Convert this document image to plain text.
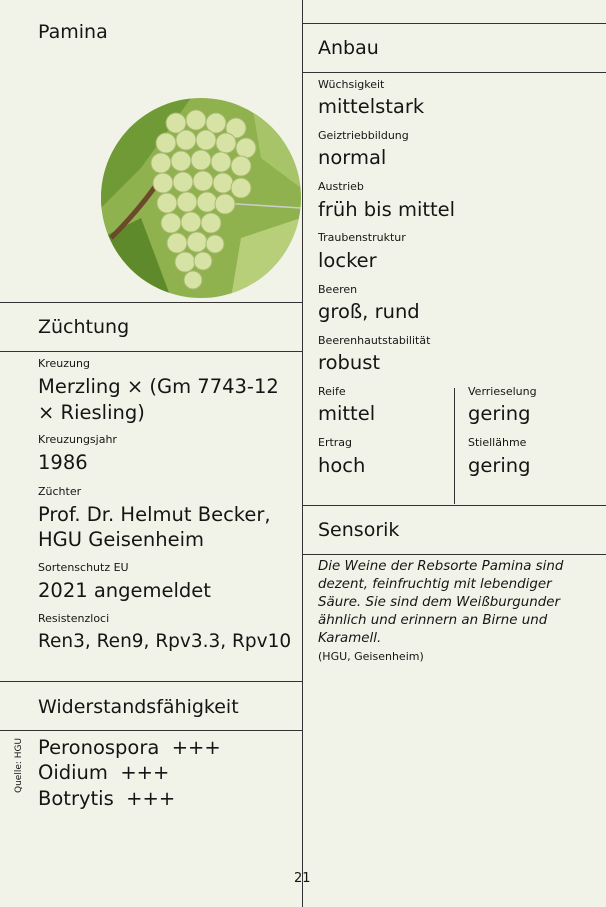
Pamina
Züchtung
Kreuzung
Merzling × (Gm 7743-12
× Riesling)
Kreuzungsjahr
1986
Züchter
Prof. Dr. Helmut Becker,
HGU Geisenheim
Sortenschutz EU
2021 angemeldet
Resistenzloci
Ren3, Ren9, Rpv3.3, Rpv10
Widerstandsfähigkeit
Peronospora +++
Oidium +++
Botrytis +++
Quelle: HGU
Anbau
Wüchsigkeit
mittelstark
Geiztriebbildung
normal
Austrieb
früh bis mittel
Traubenstruktur
locker
Beeren
groß, rund
Beerenhautstabilität
robust
Reife
mittel
Verrieselung
gering
Ertrag
hoch
Stiellähme
gering
Sensorik
Die Weine der Rebsorte Pamina sind
dezent, feinfruchtig mit lebendiger
Säure. Sie sind dem Weißburgunder
ähnlich und erinnern an Birne und
Karamell.
(HGU, Geisenheim)
21
